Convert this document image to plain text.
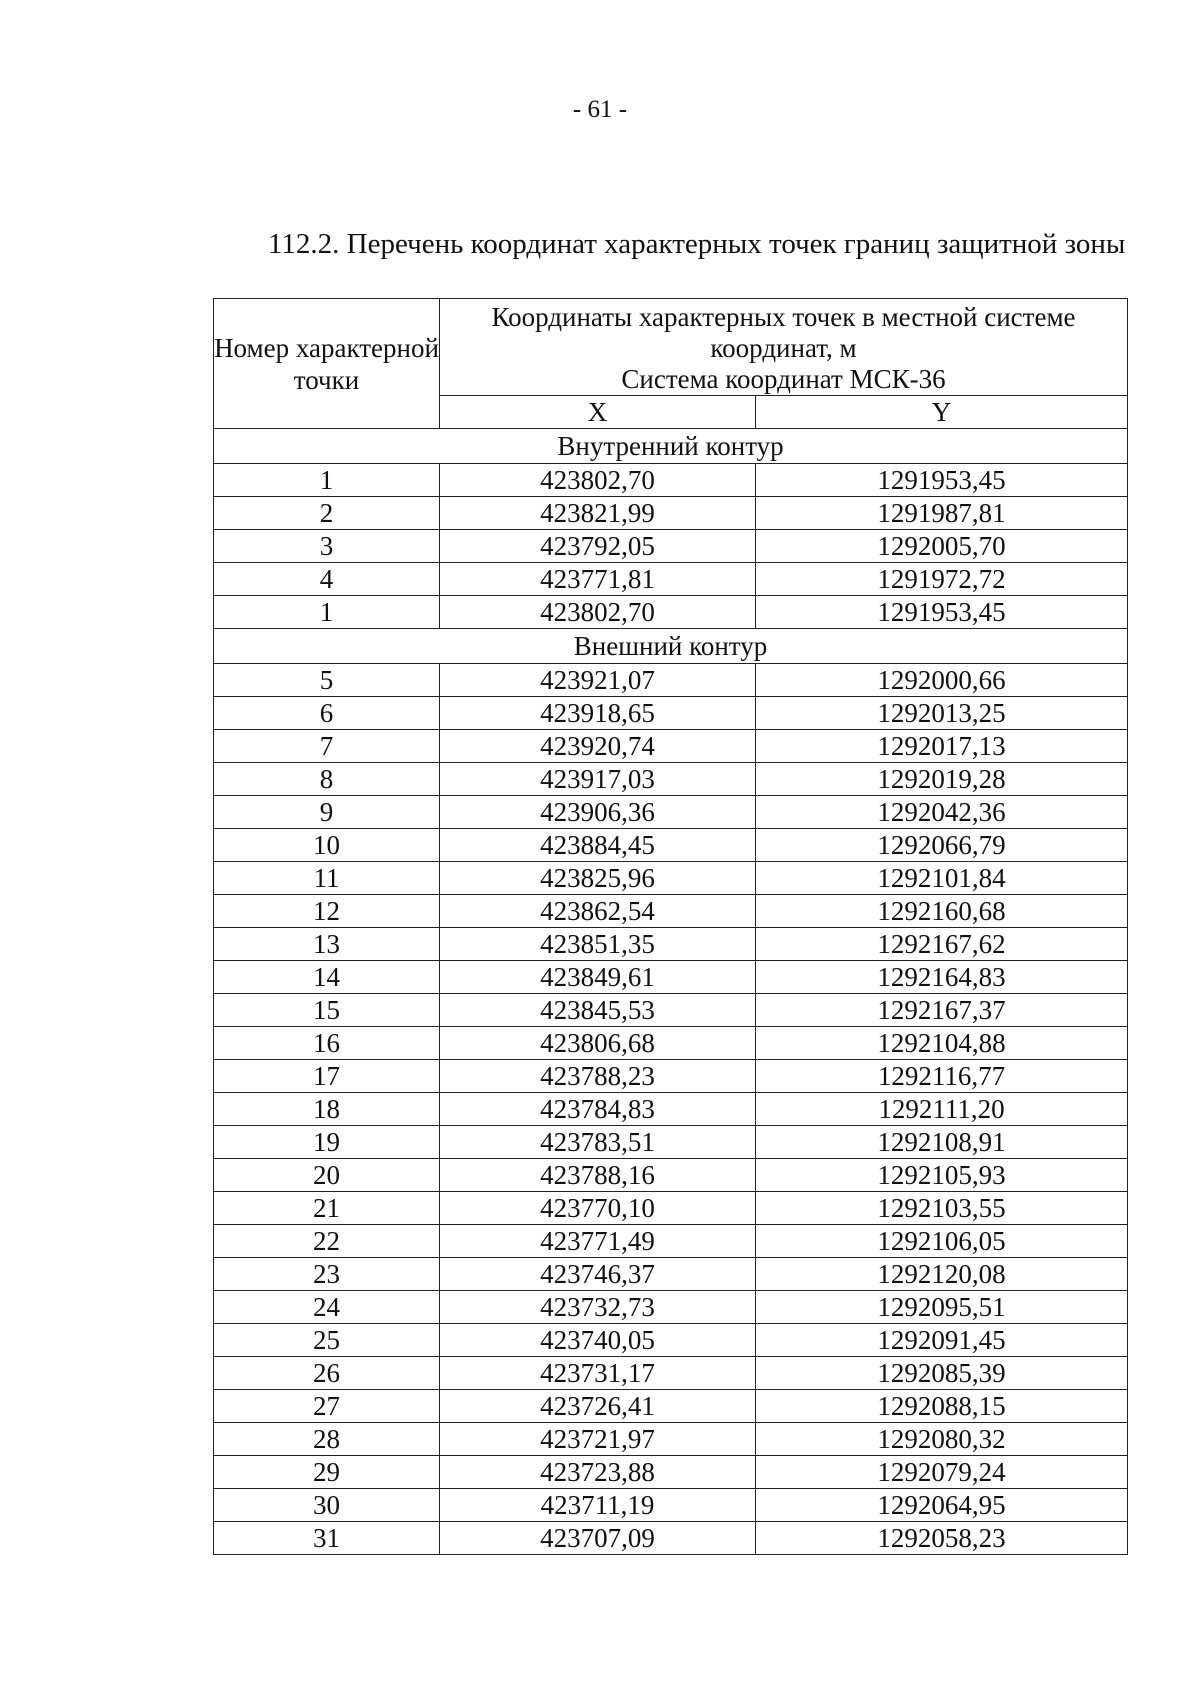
- 61 -
112.2. Перечень координат характерных точек границ защитной зоны
Номер характерной точки	Координаты характерных точек в местной системе координат, м
Система координат МСК-36	

	X	Y
Внутренний контур		
1	423802,70	1291953,45
2	423821,99	1291987,81
3	423792,05	1292005,70
4	423771,81	1291972,72
1	423802,70	1291953,45
Внешний контур		
5	423921,07	1292000,66
6	423918,65	1292013,25
7	423920,74	1292017,13
8	423917,03	1292019,28
9	423906,36	1292042,36
10	423884,45	1292066,79
11	423825,96	1292101,84
12	423862,54	1292160,68
13	423851,35	1292167,62
14	423849,61	1292164,83
15	423845,53	1292167,37
16	423806,68	1292104,88
17	423788,23	1292116,77
18	423784,83	1292111,20
19	423783,51	1292108,91
20	423788,16	1292105,93
21	423770,10	1292103,55
22	423771,49	1292106,05
23	423746,37	1292120,08
24	423732,73	1292095,51
25	423740,05	1292091,45
26	423731,17	1292085,39
27	423726,41	1292088,15
28	423721,97	1292080,32
29	423723,88	1292079,24
30	423711,19	1292064,95
31	423707,09	1292058,23
